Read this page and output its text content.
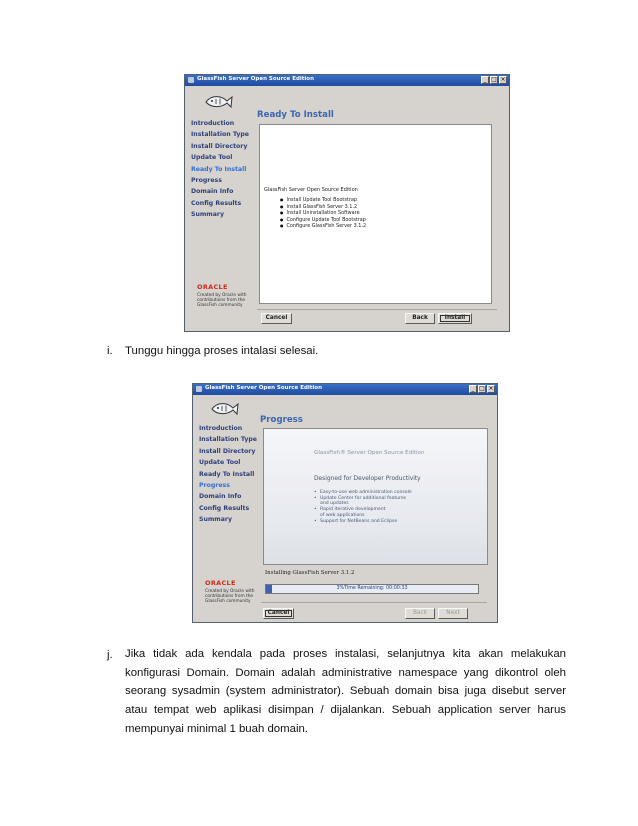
GlassFish Server Open Source Edition	_ □ ×
Introduction
Installation Type
Install Directory
Update Tool
Ready To Install
Progress
Domain Info
Config Results
Summary
ORACLE
Created by Oracle with contributions from the GlassFish community
Ready To Install
GlassFish Server Open Source Edition
● Install Update Tool Bootstrap
● Install GlassFish Server 3.1.2
● Install Uninstallation Software
● Configure Update Tool Bootstrap
● Configure GlassFish Server 3.1.2
Cancel	Back	Install
i. Tunggu hingga proses intalasi selesai.
GlassFish Server Open Source Edition	_ □ ×
Introduction
Installation Type
Install Directory
Update Tool
Ready To Install
Progress
Domain Info
Config Results
Summary
ORACLE
Created by Oracle with contributions from the GlassFish community
Progress
GlassFish® Server Open Source Edition
Designed for Developer Productivity
• Easy-to-use web administration console
• Update Center for additional features
and updates
• Rapid iterative development
of web applications
• Support for NetBeans and Eclipse
Installing GlassFish Server 3.1.2
3%Time Remaining: 00:00:33
Cancel	Back	Next
j. Jika tidak ada kendala pada proses instalasi, selanjutnya kita akan melakukan konfigurasi Domain. Domain adalah administrative namespace yang dikontrol oleh seorang sysadmin (system administrator). Sebuah domain bisa juga disebut server atau tempat web aplikasi disimpan / dijalankan. Sebuah application server harus mempunyai minimal 1 buah domain.
